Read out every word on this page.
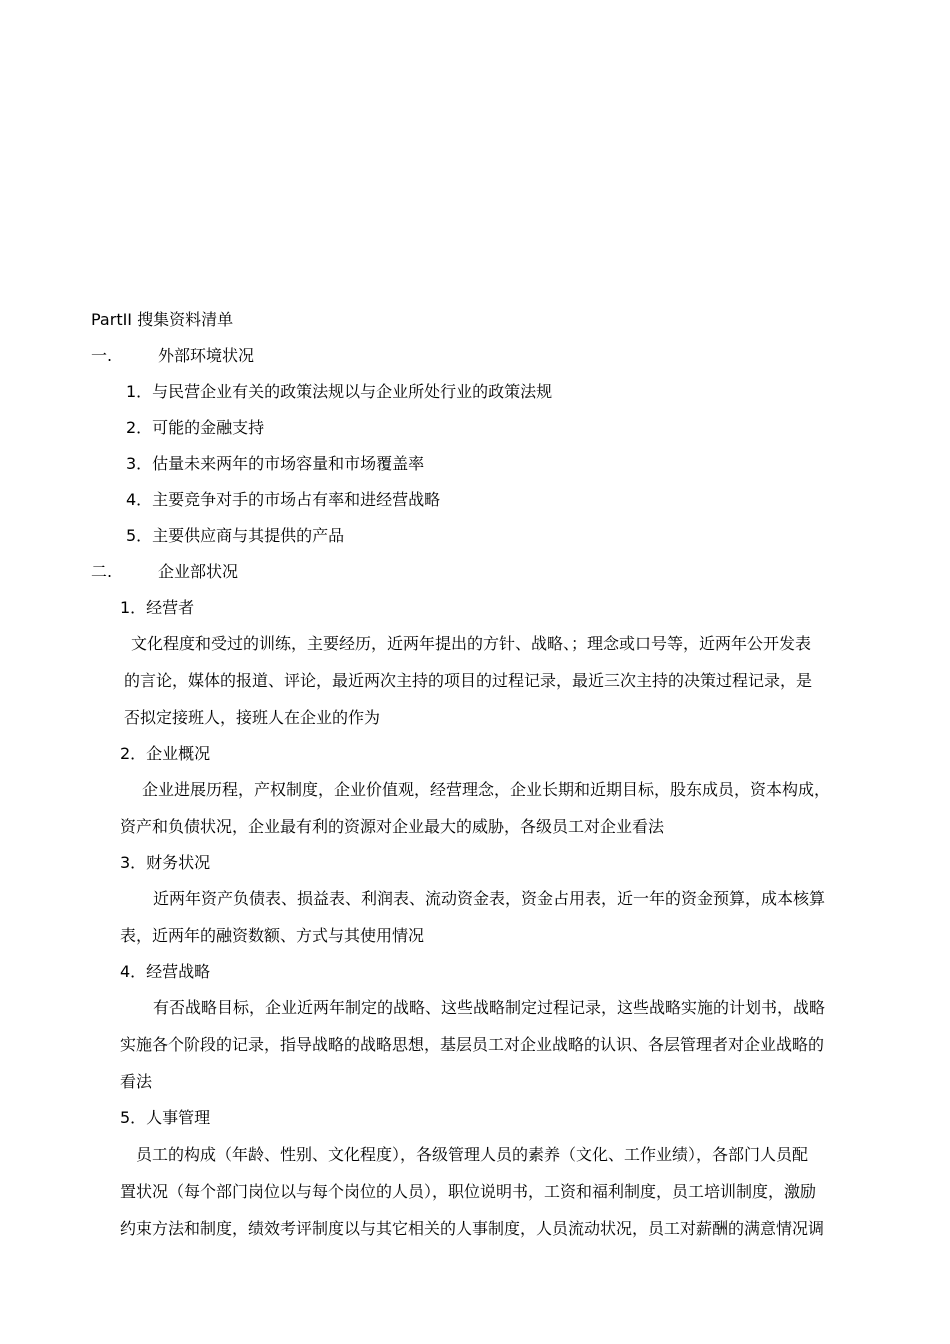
PartII 搜集资料清单
一.	外部环境状况
1．与民营企业有关的政策法规以与企业所处行业的政策法规
2．可能的金融支持
3．估量未来两年的市场容量和市场覆盖率
4．主要竞争对手的市场占有率和进经营战略
5．主要供应商与其提供的产品
二.	企业部状况
1．经营者
文化程度和受过的训练，主要经历，近两年提出的方针、战略、；理念或口号等，近两年公开发表
的言论，媒体的报道、评论，最近两次主持的项目的过程记录，最近三次主持的决策过程记录，是
否拟定接班人，接班人在企业的作为
2．企业概况
企业进展历程，产权制度，企业价值观，经营理念，企业长期和近期目标，股东成员，资本构成，
资产和负债状况，企业最有利的资源对企业最大的威胁，各级员工对企业看法
3．财务状况
近两年资产负债表、损益表、利润表、流动资金表，资金占用表，近一年的资金预算，成本核算
表，近两年的融资数额、方式与其使用情况
4．经营战略
有否战略目标，企业近两年制定的战略、这些战略制定过程记录，这些战略实施的计划书，战略
实施各个阶段的记录，指导战略的战略思想，基层员工对企业战略的认识、各层管理者对企业战略的
看法
5．人事管理
员工的构成（年龄、性别、文化程度），各级管理人员的素养（文化、工作业绩），各部门人员配
置状况（每个部门岗位以与每个岗位的人员），职位说明书，工资和福利制度，员工培训制度，激励
约束方法和制度，绩效考评制度以与其它相关的人事制度，人员流动状况，员工对薪酬的满意情况调
